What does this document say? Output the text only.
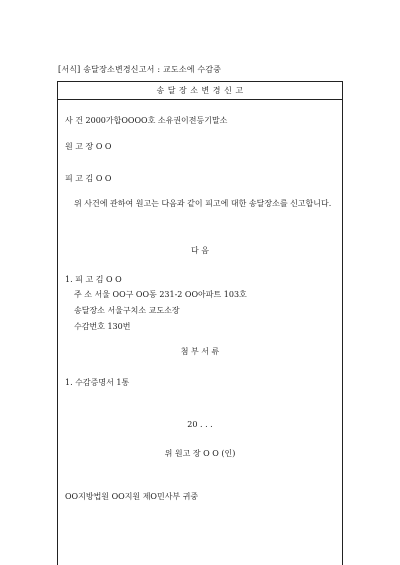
[서식] 송달장소변경신고서 : 교도소에 수감중
송 달 장 소 변 경 신 고
사 건 2000가합OOOO호 소유권이전등기말소
원 고 장 O O
피 고 김 O O
위 사건에 관하여 원고는 다음과 같이 피고에 대한 송달장소를 신고합니다.
다 음
1. 피 고 김 O O
주 소 서울 OO구 OO동 231-2 OO아파트 103호
송달장소 서울구치소 교도소장
수감번호 130번
첨 부 서 류
1. 수감증명서 1통
20 . . .
위 원고 장 O O (인)
OO지방법원 OO지원 제O민사부 귀중
